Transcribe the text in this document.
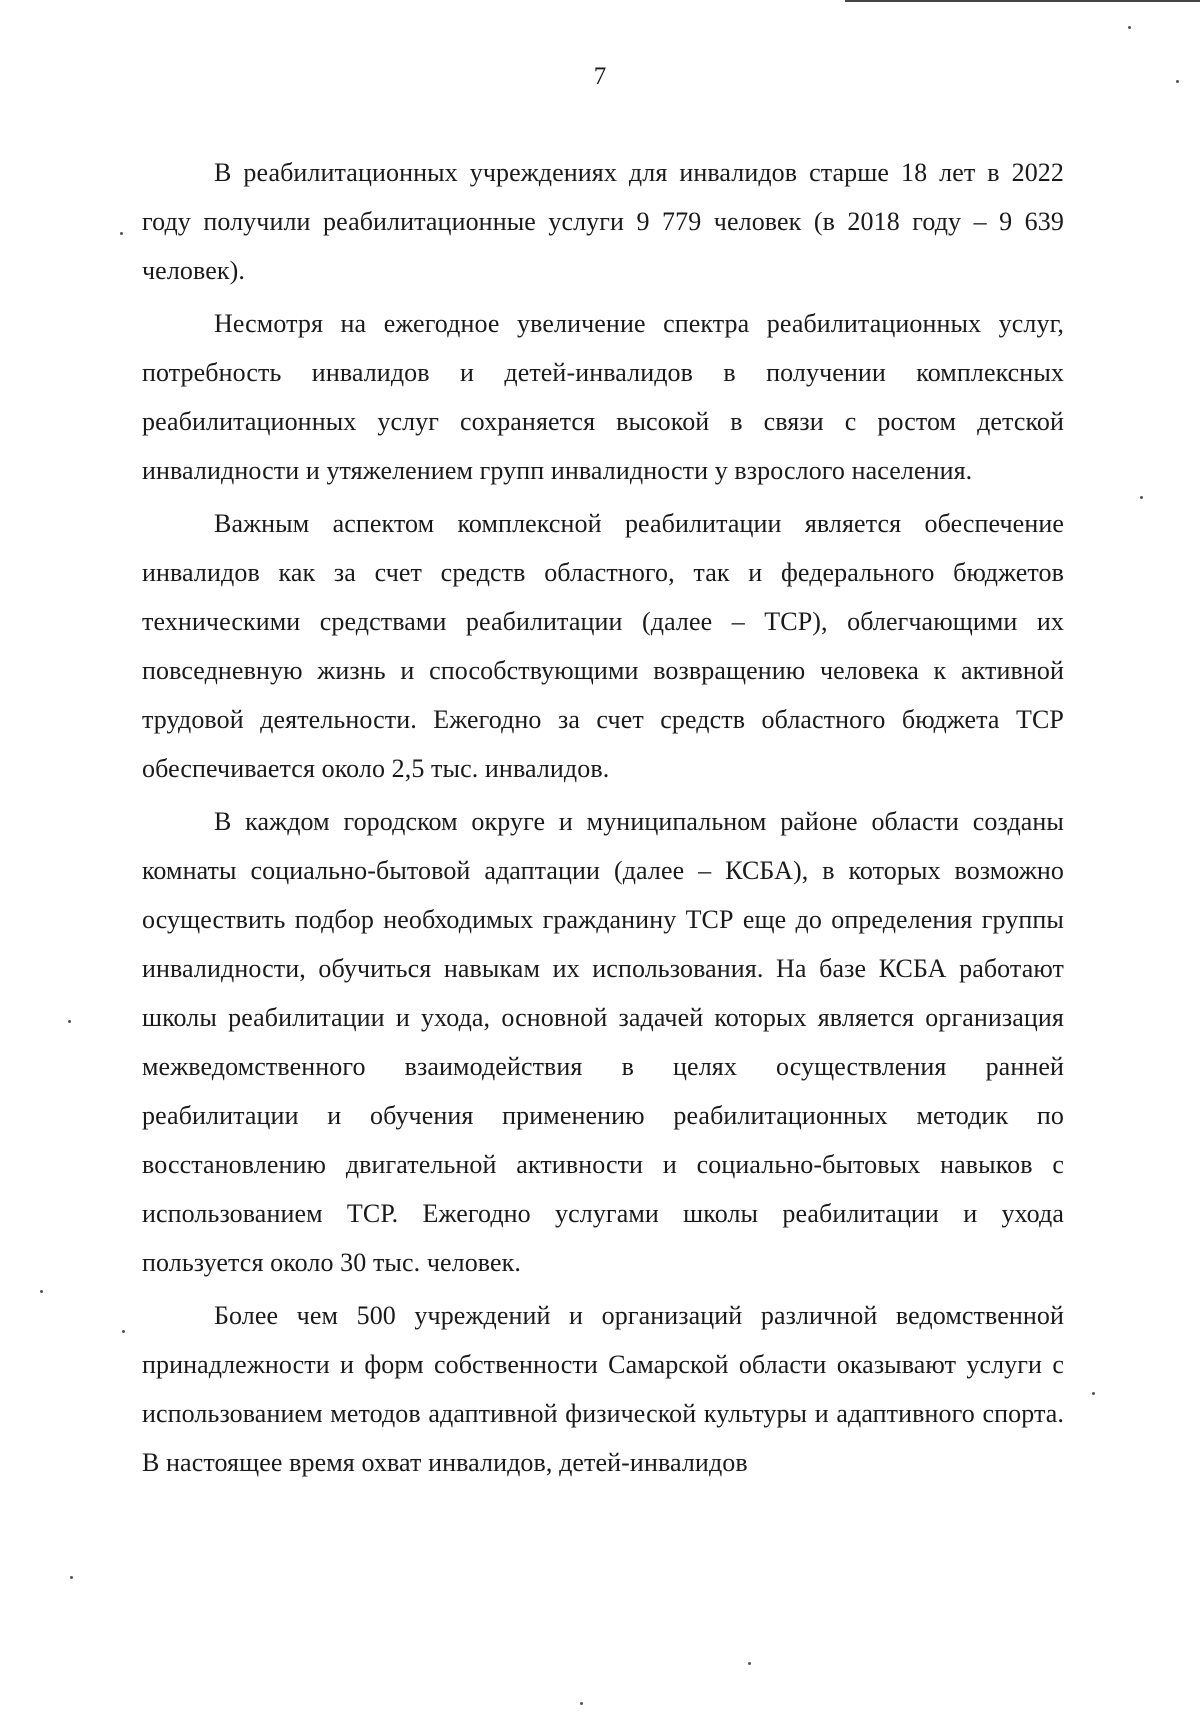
7

В реабилитационных учреждениях для инвалидов старше 18 лет в 2022 году получили реабилитационные услуги 9 779 человек (в 2018 году – 9 639 человек).

Несмотря на ежегодное увеличение спектра реабилитационных услуг, потребность инвалидов и детей-инвалидов в получении комплексных реабилитационных услуг сохраняется высокой в связи с ростом детской инвалидности и утяжелением групп инвалидности у взрослого населения.

Важным аспектом комплексной реабилитации является обеспечение инвалидов как за счет средств областного, так и федерального бюджетов техническими средствами реабилитации (далее – ТСР), облегчающими их повседневную жизнь и способствующими возвращению человека к активной трудовой деятельности. Ежегодно за счет средств областного бюджета ТСР обеспечивается около 2,5 тыс. инвалидов.

В каждом городском округе и муниципальном районе области созданы комнаты социально-бытовой адаптации (далее – КСБА), в которых возможно осуществить подбор необходимых гражданину ТСР еще до определения группы инвалидности, обучиться навыкам их использования. На базе КСБА работают школы реабилитации и ухода, основной задачей которых является организация межведомственного взаимодействия в целях осуществления ранней реабилитации и обучения применению реабилитационных методик по восстановлению двигательной активности и социально-бытовых навыков с использованием ТСР. Ежегодно услугами школы реабилитации и ухода пользуется около 30 тыс. человек.

Более чем 500 учреждений и организаций различной ведомственной принадлежности и форм собственности Самарской области оказывают услуги с использованием методов адаптивной физической культуры и адаптивного спорта. В настоящее время охват инвалидов, детей-инвалидов
